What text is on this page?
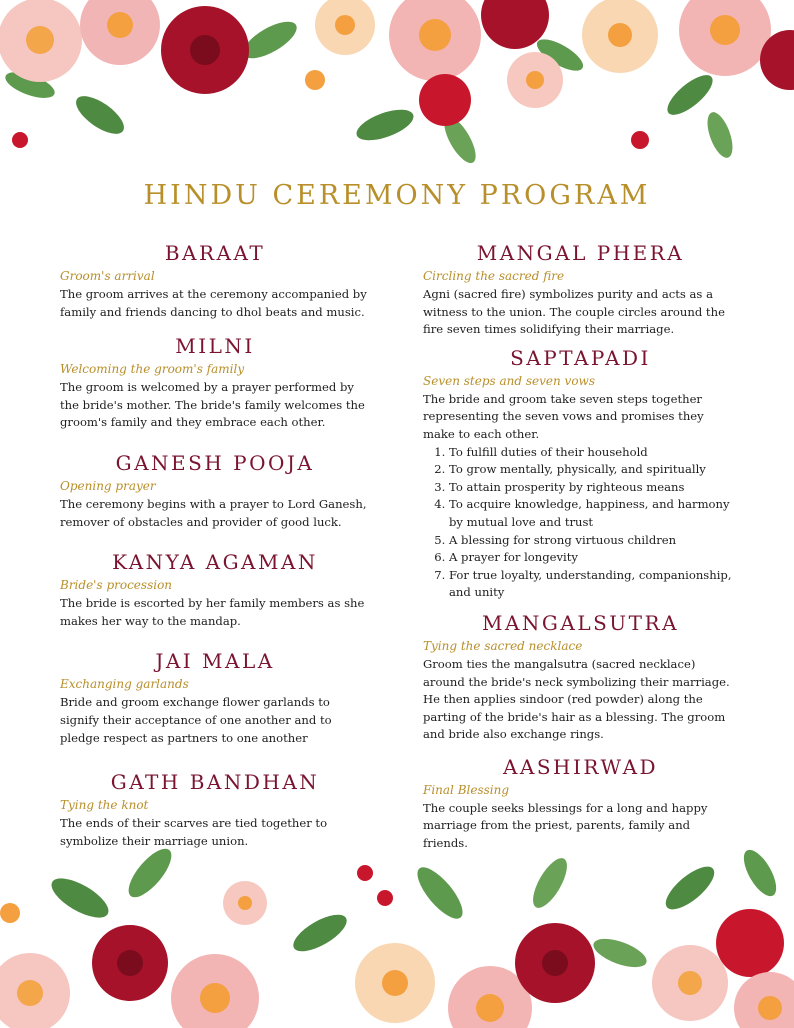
HINDU CEREMONY PROGRAM
BARAAT
Groom's arrival

The groom arrives at the ceremony accompanied by family and friends dancing to dhol beats and music.

MILNI
Welcoming the groom's family

The groom is welcomed by a prayer performed by the bride's mother. The bride's family welcomes the groom's family and they embrace each other.

GANESH POOJA
Opening prayer

The ceremony begins with a prayer to Lord Ganesh, remover of obstacles and provider of good luck.

KANYA AGAMAN
Bride's procession

The bride is escorted by her family members as she makes her way to the mandap.

JAI MALA
Exchanging garlands

Bride and groom exchange flower garlands to signify their acceptance of one another and to pledge respect as partners to one another

GATH BANDHAN
Tying the knot

The ends of their scarves are tied together to symbolize their marriage union.

MANGAL PHERA
Circling the sacred fire

Agni (sacred fire) symbolizes purity and acts as a witness to the union. The couple circles around the fire seven times solidifying their marriage.

SAPTAPADI
Seven steps and seven vows

The bride and groom take seven steps together representing the seven vows and promises they make to each other.

1. To fulfill duties of their household
2. To grow mentally, physically, and spiritually
3. To attain prosperity by righteous means
4. To acquire knowledge, happiness, and harmony by mutual love and trust
5. A blessing for strong virtuous children
6. A prayer for longevity
7. For true loyalty, understanding, companionship, and unity
MANGALSUTRA
Tying the sacred necklace

Groom ties the mangalsutra (sacred necklace) around the bride's neck symbolizing their marriage. He then applies sindoor (red powder) along the parting of the bride's hair as a blessing. The groom and bride also exchange rings.

AASHIRWAD
Final Blessing

The couple seeks blessings for a long and happy marriage from the priest, parents, family and friends.
